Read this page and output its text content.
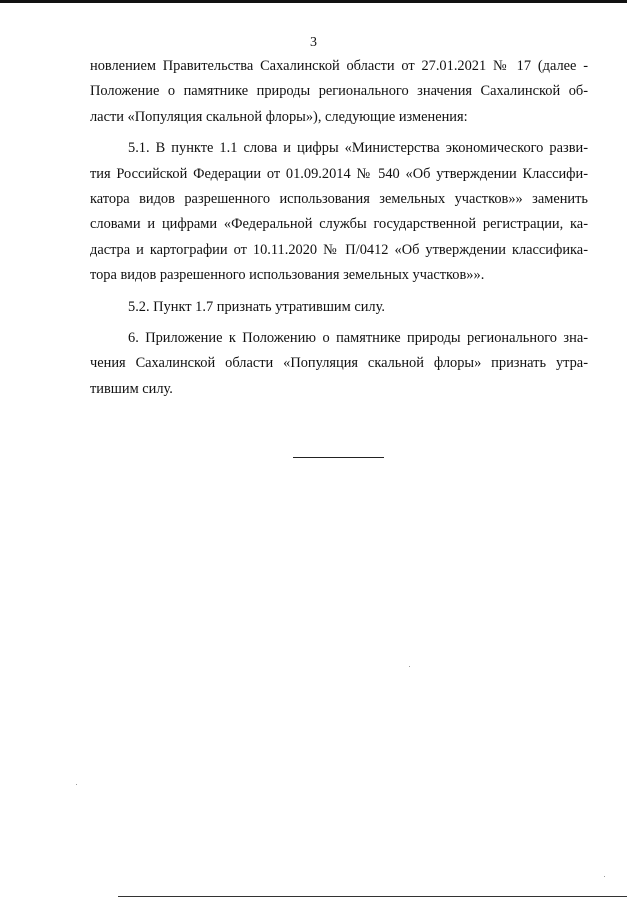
3
новлением Правительства Сахалинской области от 27.01.2021 № 17 (далее -
Положение о памятнике природы регионального значения Сахалинской об-
ласти «Популяция скальной флоры»), следующие изменения:
5.1. В пункте 1.1 слова и цифры «Министерства экономического разви-
тия Российской Федерации от 01.09.2014 № 540 «Об утверждении Классифи-
катора видов разрешенного использования земельных участков»» заменить
словами и цифрами «Федеральной службы государственной регистрации, ка-
дастра и картографии от 10.11.2020 № П/0412 «Об утверждении классифика-
тора видов разрешенного использования земельных участков»».
5.2. Пункт 1.7 признать утратившим силу.
6. Приложение к Положению о памятнике природы регионального зна-
чения Сахалинской области «Популяция скальной флоры» признать утра-
тившим силу.
